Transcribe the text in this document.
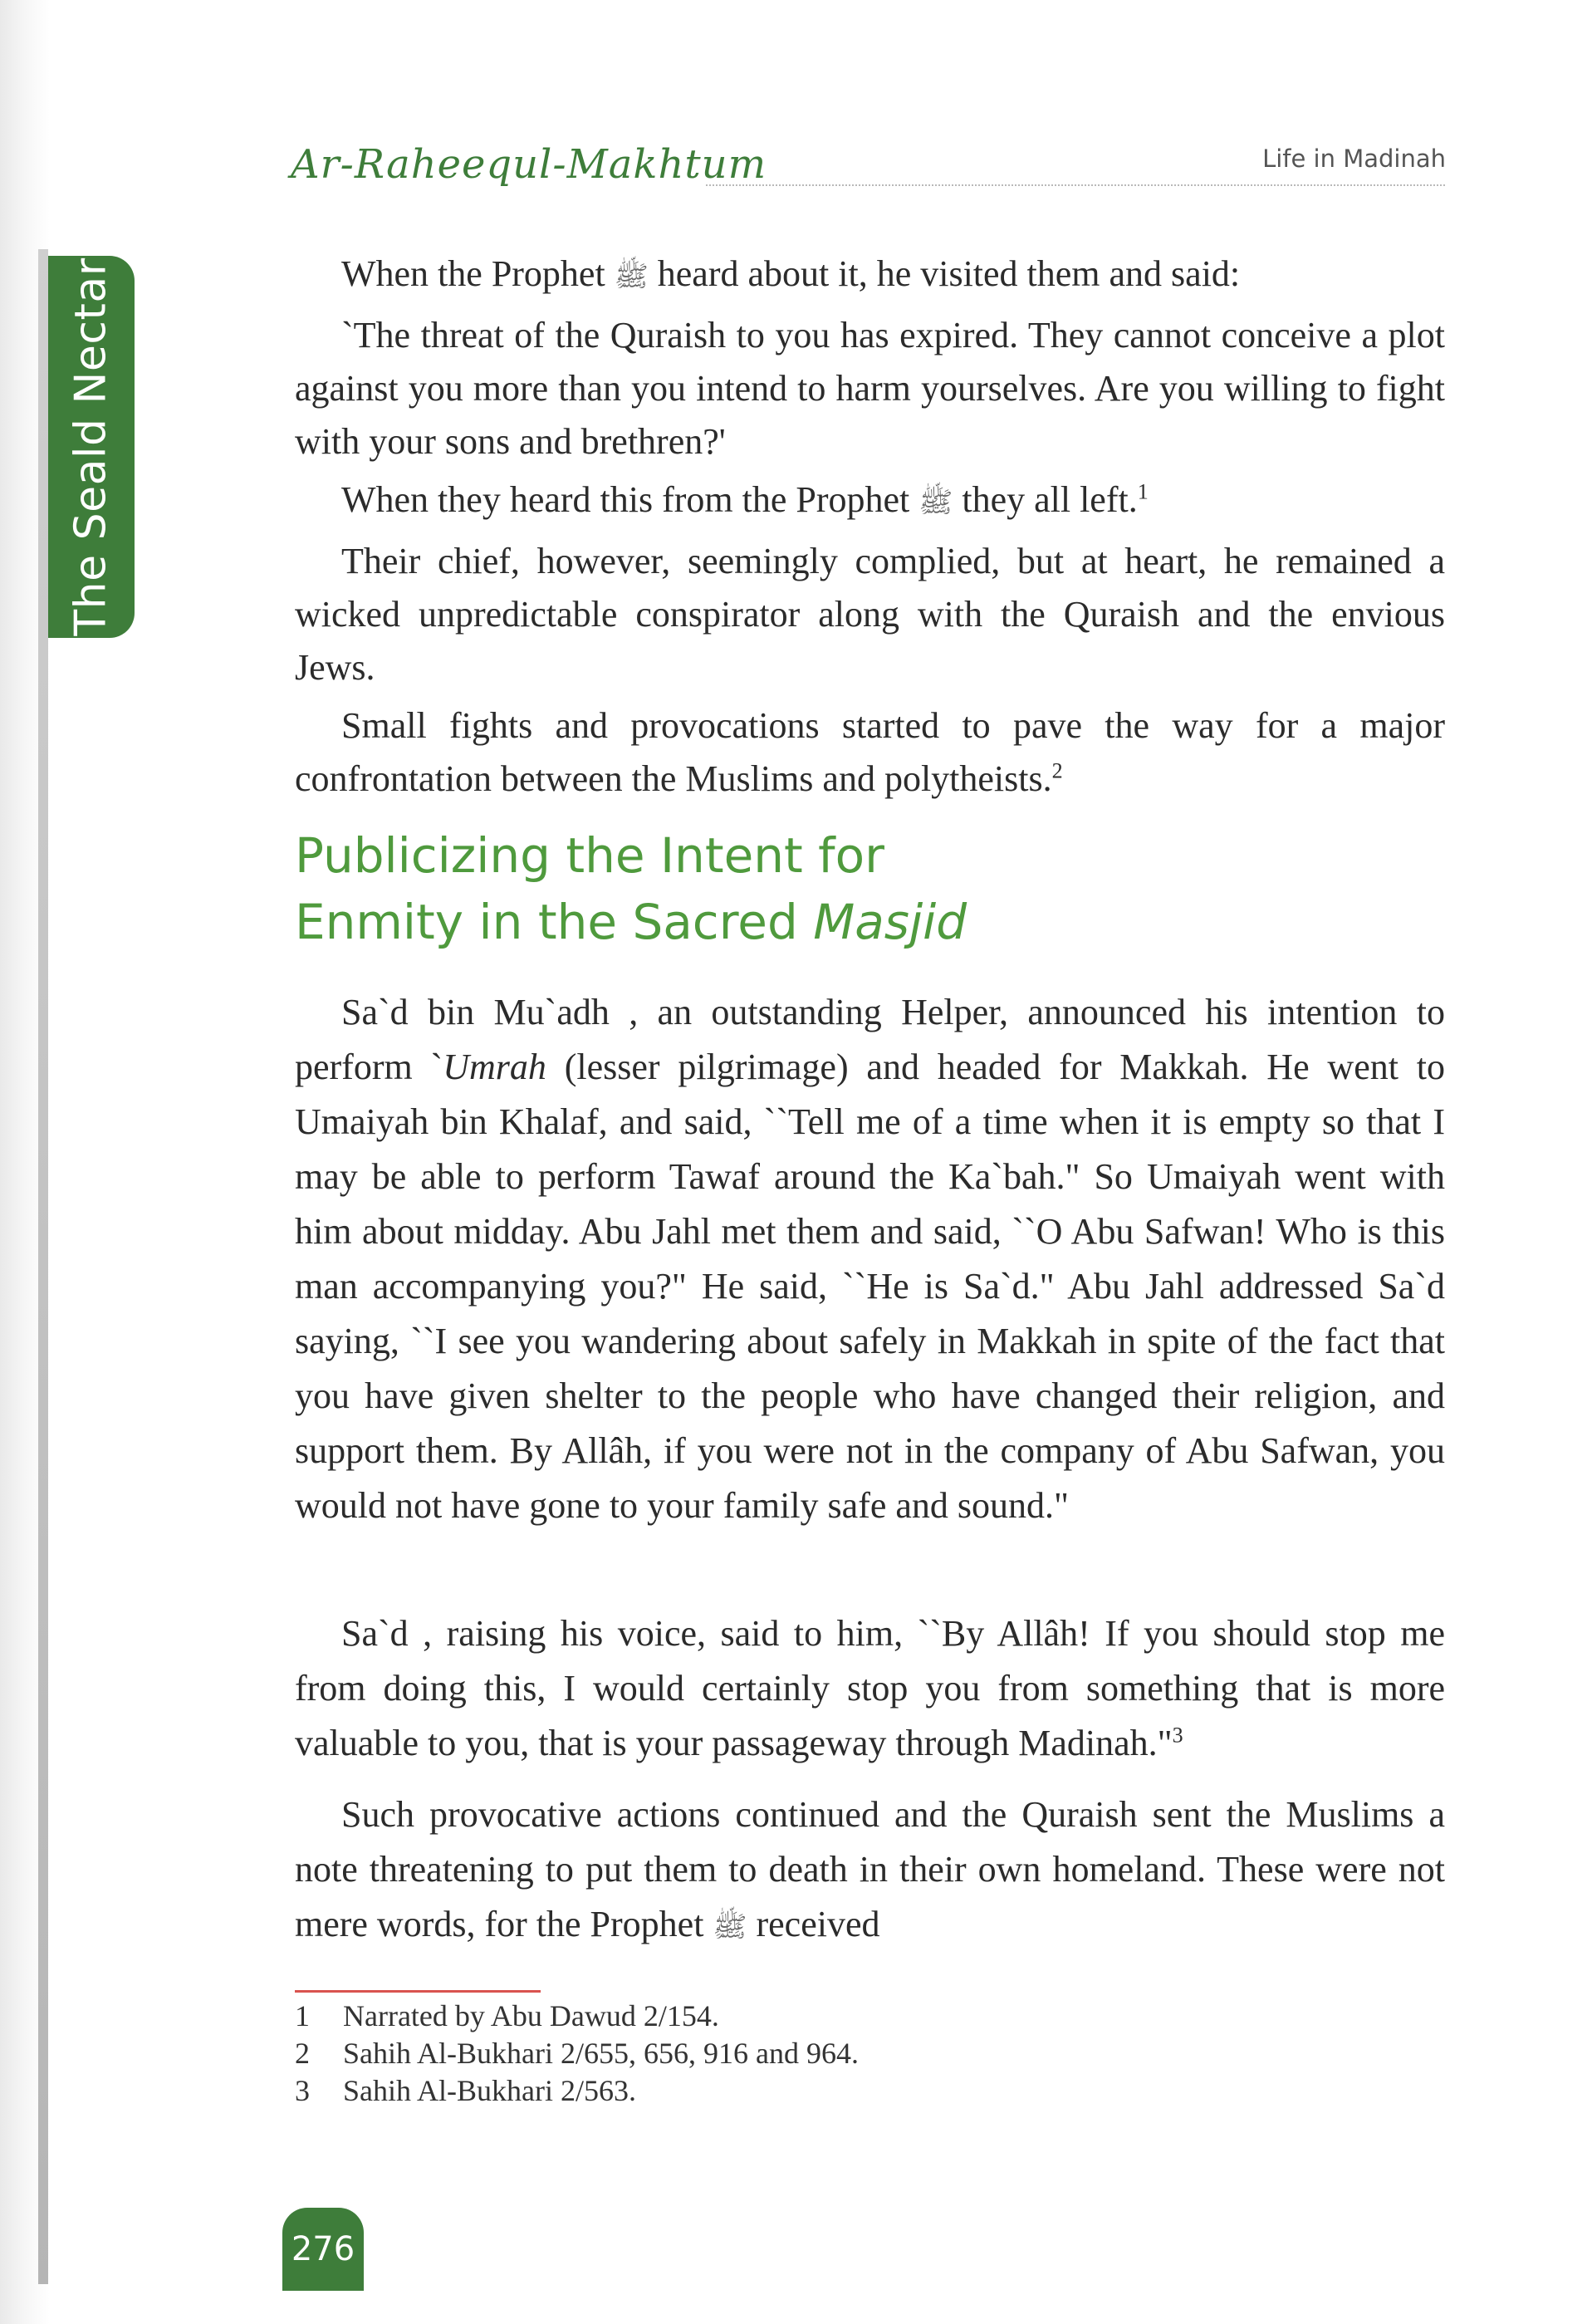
The Seald Nectar
Ar-Raheequl-Makhtum	Life in Madinah

When the Prophet ﷺ heard about it, he visited them and said:

`The threat of the Quraish to you has expired. They cannot conceive a plot against you more than you intend to harm yourselves. Are you willing to fight with your sons and brethren?'

When they heard this from the Prophet ﷺ they all left.$^1$

Their chief, however, seemingly complied, but at heart, he remained a wicked unpredictable conspirator along with the Quraish and the envious Jews.

Small fights and provocations started to pave the way for a major confrontation between the Muslims and polytheists.$^2$

Publicizing the Intent for
Enmity in the Sacred Masjid

Sa`d bin Mu`adh , an outstanding Helper, announced his intention to perform `Umrah (lesser pilgrimage) and headed for Makkah. He went to Umaiyah bin Khalaf, and said, ``Tell me of a time when it is empty so that I may be able to perform Tawaf around the Ka`bah." So Umaiyah went with him about midday. Abu Jahl met them and said, ``O Abu Safwan! Who is this man accompanying you?" He said, ``He is Sa`d." Abu Jahl addressed Sa`d saying, ``I see you wandering about safely in Makkah in spite of the fact that you have given shelter to the people who have changed their religion, and support them. By Allâh, if you were not in the company of Abu Safwan, you would not have gone to your family safe and sound."

Sa`d , raising his voice, said to him, ``By Allâh! If you should stop me from doing this, I would certainly stop you from something that is more valuable to you, that is your passageway through Madinah."$^3$

Such provocative actions continued and the Quraish sent the Muslims a note threatening to put them to death in their own homeland. These were not mere words, for the Prophet ﷺ received

1	Narrated by Abu Dawud 2/154.
2	Sahih Al-Bukhari 2/655, 656, 916 and 964.
3	Sahih Al-Bukhari 2/563.
276
